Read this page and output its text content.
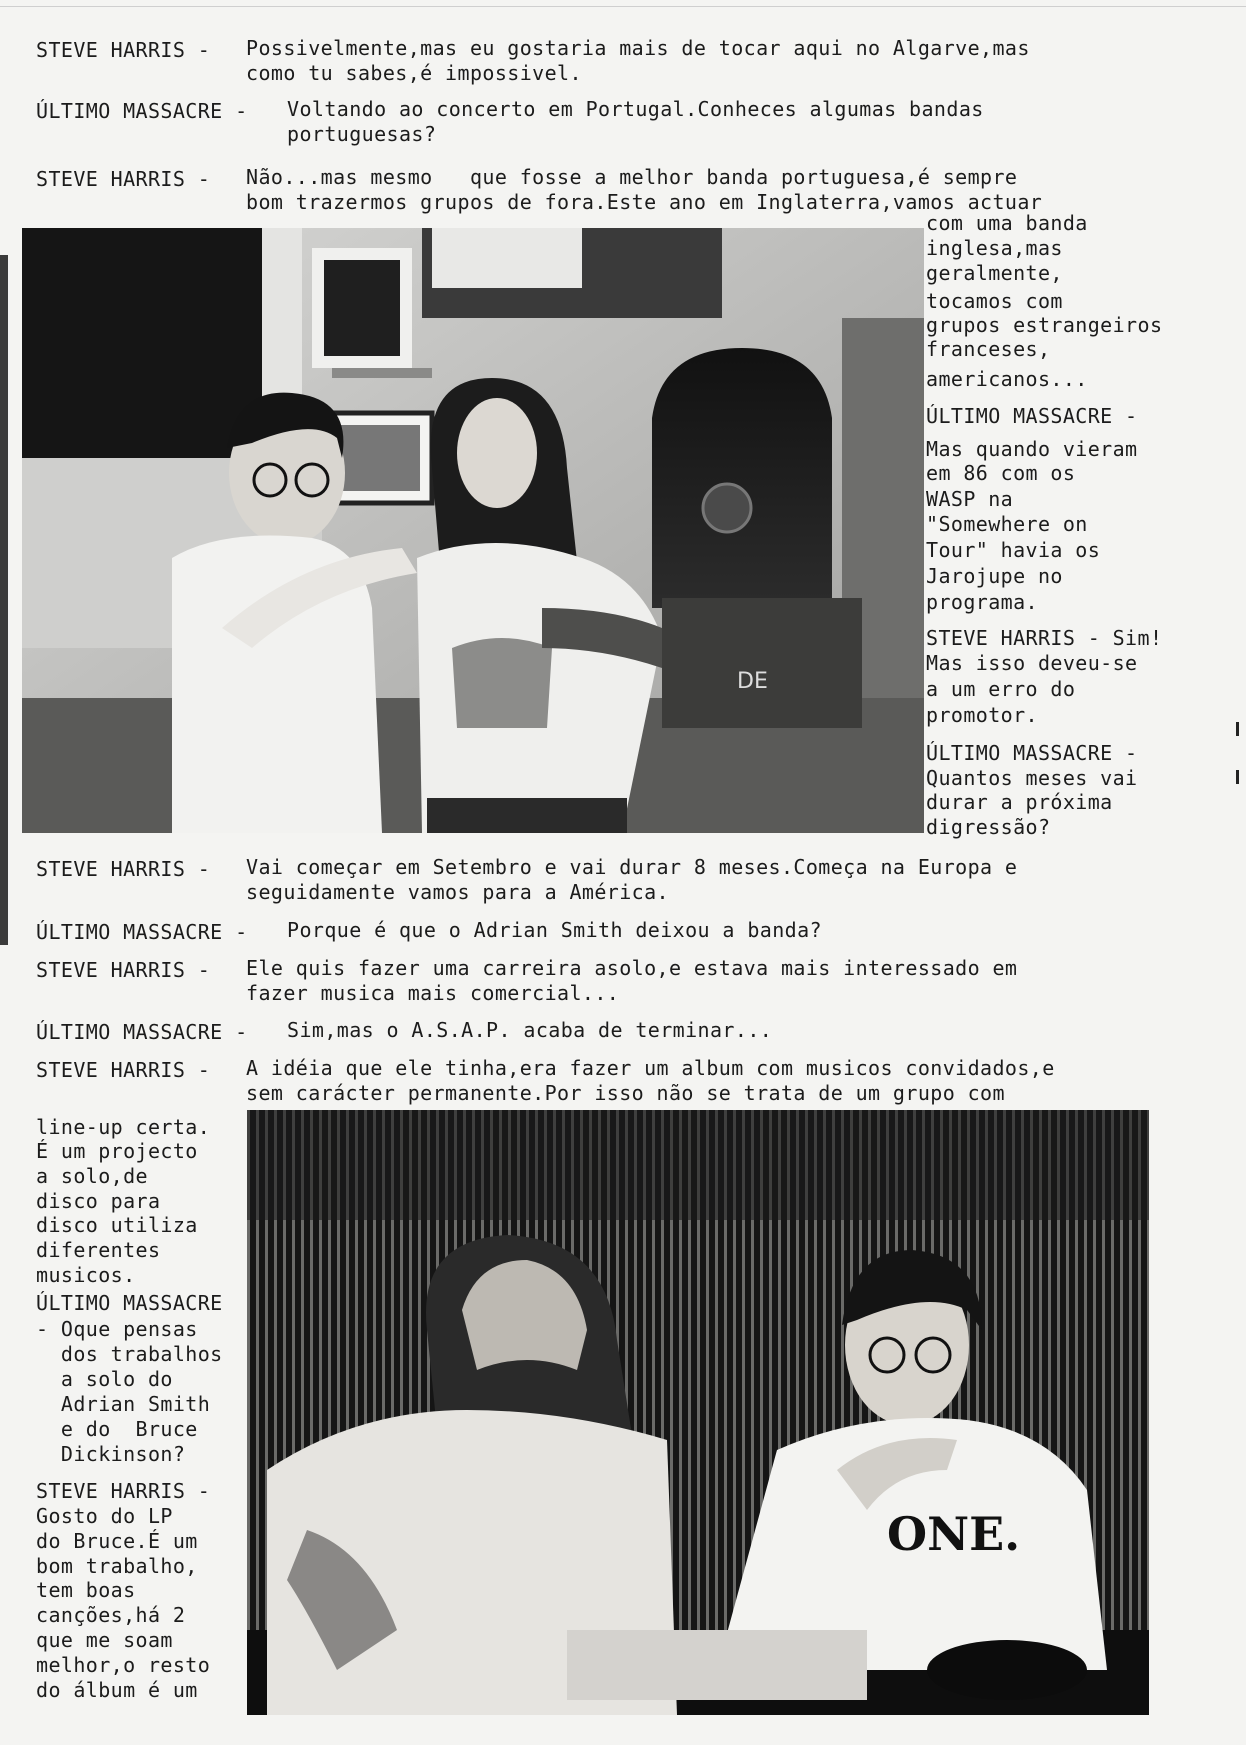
STEVE HARRIS - Possivelmente,mas eu gostaria mais de tocar aqui no Algarve,mas
como tu sabes,é impossivel.
ÚLTIMO MASSACRE - Voltando ao concerto em Portugal.Conheces algumas bandas
portuguesas?
STEVE HARRIS - Não...mas mesmo   que fosse a melhor banda portuguesa,é sempre
bom trazermos grupos de fora.Este ano em Inglaterra,vamos actuar
DE
com uma banda
inglesa,mas
geralmente,
tocamos com
grupos estrangeiros
franceses,
americanos...
ÚLTIMO MASSACRE -
Mas quando vieram
em 86 com os
WASP na
"Somewhere on
Tour" havia os
Jarojupe no
programa.
STEVE HARRIS - Sim!
Mas isso deveu-se
a um erro do
promotor.
ÚLTIMO MASSACRE -
Quantos meses vai
durar a próxima
digressão?
STEVE HARRIS - Vai começar em Setembro e vai durar 8 meses.Começa na Europa e
seguidamente vamos para a América.
ÚLTIMO MASSACRE - Porque é que o Adrian Smith deixou a banda?
STEVE HARRIS - Ele quis fazer uma carreira asolo,e estava mais interessado em
fazer musica mais comercial...
ÚLTIMO MASSACRE - Sim,mas o A.S.A.P. acaba de terminar...
STEVE HARRIS - A idéia que ele tinha,era fazer um album com musicos convidados,e
sem carácter permanente.Por isso não se trata de um grupo com
line-up certa.
É um projecto
a solo,de
disco para
disco utiliza
diferentes
musicos.
ÚLTIMO MASSACRE
- Oque pensas
dos trabalhos
a solo do
Adrian Smith
e do  Bruce
Dickinson?
STEVE HARRIS -
Gosto do LP
do Bruce.É um
bom trabalho,
tem boas
canções,há 2
que me soam
melhor,o resto
do álbum é um
ONE.
